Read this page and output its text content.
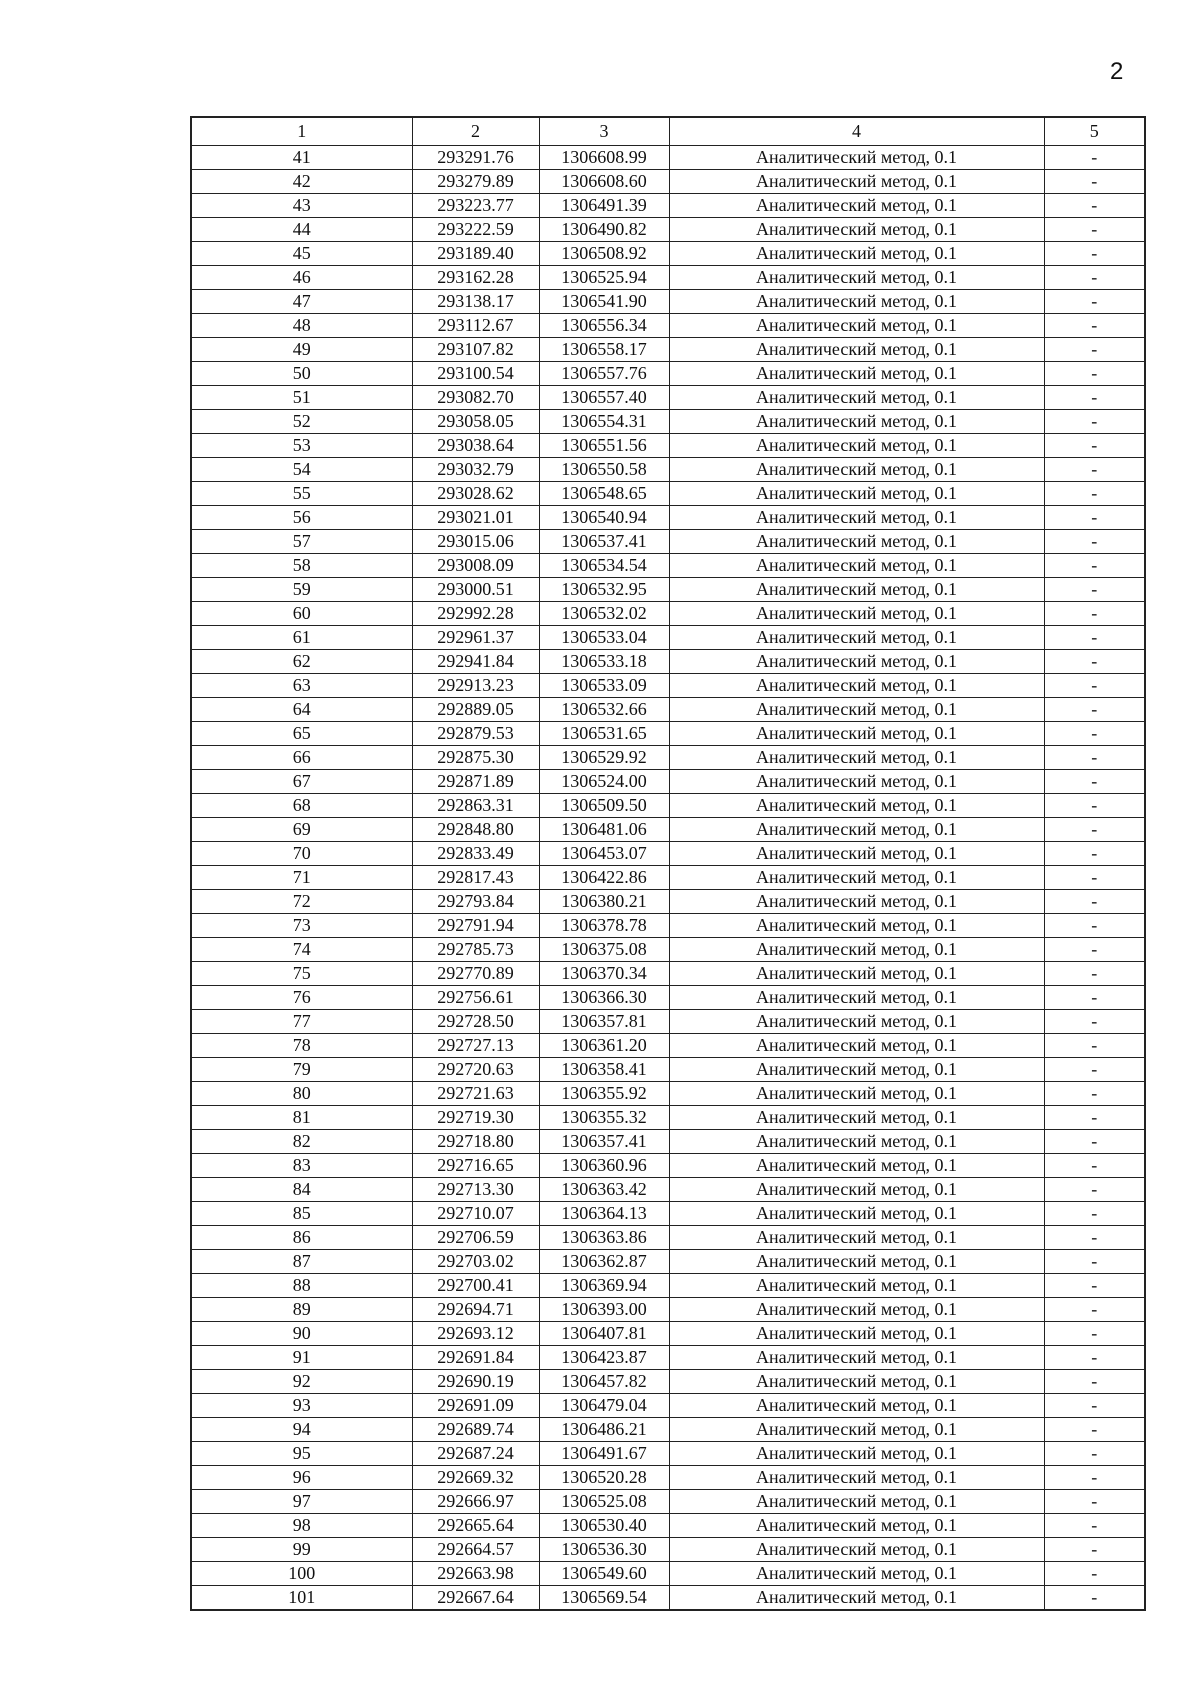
2
1	2	3	4	5
41	293291.76	1306608.99	Аналитический метод, 0.1	-
42	293279.89	1306608.60	Аналитический метод, 0.1	-
43	293223.77	1306491.39	Аналитический метод, 0.1	-
44	293222.59	1306490.82	Аналитический метод, 0.1	-
45	293189.40	1306508.92	Аналитический метод, 0.1	-
46	293162.28	1306525.94	Аналитический метод, 0.1	-
47	293138.17	1306541.90	Аналитический метод, 0.1	-
48	293112.67	1306556.34	Аналитический метод, 0.1	-
49	293107.82	1306558.17	Аналитический метод, 0.1	-
50	293100.54	1306557.76	Аналитический метод, 0.1	-
51	293082.70	1306557.40	Аналитический метод, 0.1	-
52	293058.05	1306554.31	Аналитический метод, 0.1	-
53	293038.64	1306551.56	Аналитический метод, 0.1	-
54	293032.79	1306550.58	Аналитический метод, 0.1	-
55	293028.62	1306548.65	Аналитический метод, 0.1	-
56	293021.01	1306540.94	Аналитический метод, 0.1	-
57	293015.06	1306537.41	Аналитический метод, 0.1	-
58	293008.09	1306534.54	Аналитический метод, 0.1	-
59	293000.51	1306532.95	Аналитический метод, 0.1	-
60	292992.28	1306532.02	Аналитический метод, 0.1	-
61	292961.37	1306533.04	Аналитический метод, 0.1	-
62	292941.84	1306533.18	Аналитический метод, 0.1	-
63	292913.23	1306533.09	Аналитический метод, 0.1	-
64	292889.05	1306532.66	Аналитический метод, 0.1	-
65	292879.53	1306531.65	Аналитический метод, 0.1	-
66	292875.30	1306529.92	Аналитический метод, 0.1	-
67	292871.89	1306524.00	Аналитический метод, 0.1	-
68	292863.31	1306509.50	Аналитический метод, 0.1	-
69	292848.80	1306481.06	Аналитический метод, 0.1	-
70	292833.49	1306453.07	Аналитический метод, 0.1	-
71	292817.43	1306422.86	Аналитический метод, 0.1	-
72	292793.84	1306380.21	Аналитический метод, 0.1	-
73	292791.94	1306378.78	Аналитический метод, 0.1	-
74	292785.73	1306375.08	Аналитический метод, 0.1	-
75	292770.89	1306370.34	Аналитический метод, 0.1	-
76	292756.61	1306366.30	Аналитический метод, 0.1	-
77	292728.50	1306357.81	Аналитический метод, 0.1	-
78	292727.13	1306361.20	Аналитический метод, 0.1	-
79	292720.63	1306358.41	Аналитический метод, 0.1	-
80	292721.63	1306355.92	Аналитический метод, 0.1	-
81	292719.30	1306355.32	Аналитический метод, 0.1	-
82	292718.80	1306357.41	Аналитический метод, 0.1	-
83	292716.65	1306360.96	Аналитический метод, 0.1	-
84	292713.30	1306363.42	Аналитический метод, 0.1	-
85	292710.07	1306364.13	Аналитический метод, 0.1	-
86	292706.59	1306363.86	Аналитический метод, 0.1	-
87	292703.02	1306362.87	Аналитический метод, 0.1	-
88	292700.41	1306369.94	Аналитический метод, 0.1	-
89	292694.71	1306393.00	Аналитический метод, 0.1	-
90	292693.12	1306407.81	Аналитический метод, 0.1	-
91	292691.84	1306423.87	Аналитический метод, 0.1	-
92	292690.19	1306457.82	Аналитический метод, 0.1	-
93	292691.09	1306479.04	Аналитический метод, 0.1	-
94	292689.74	1306486.21	Аналитический метод, 0.1	-
95	292687.24	1306491.67	Аналитический метод, 0.1	-
96	292669.32	1306520.28	Аналитический метод, 0.1	-
97	292666.97	1306525.08	Аналитический метод, 0.1	-
98	292665.64	1306530.40	Аналитический метод, 0.1	-
99	292664.57	1306536.30	Аналитический метод, 0.1	-
100	292663.98	1306549.60	Аналитический метод, 0.1	-
101	292667.64	1306569.54	Аналитический метод, 0.1	-
